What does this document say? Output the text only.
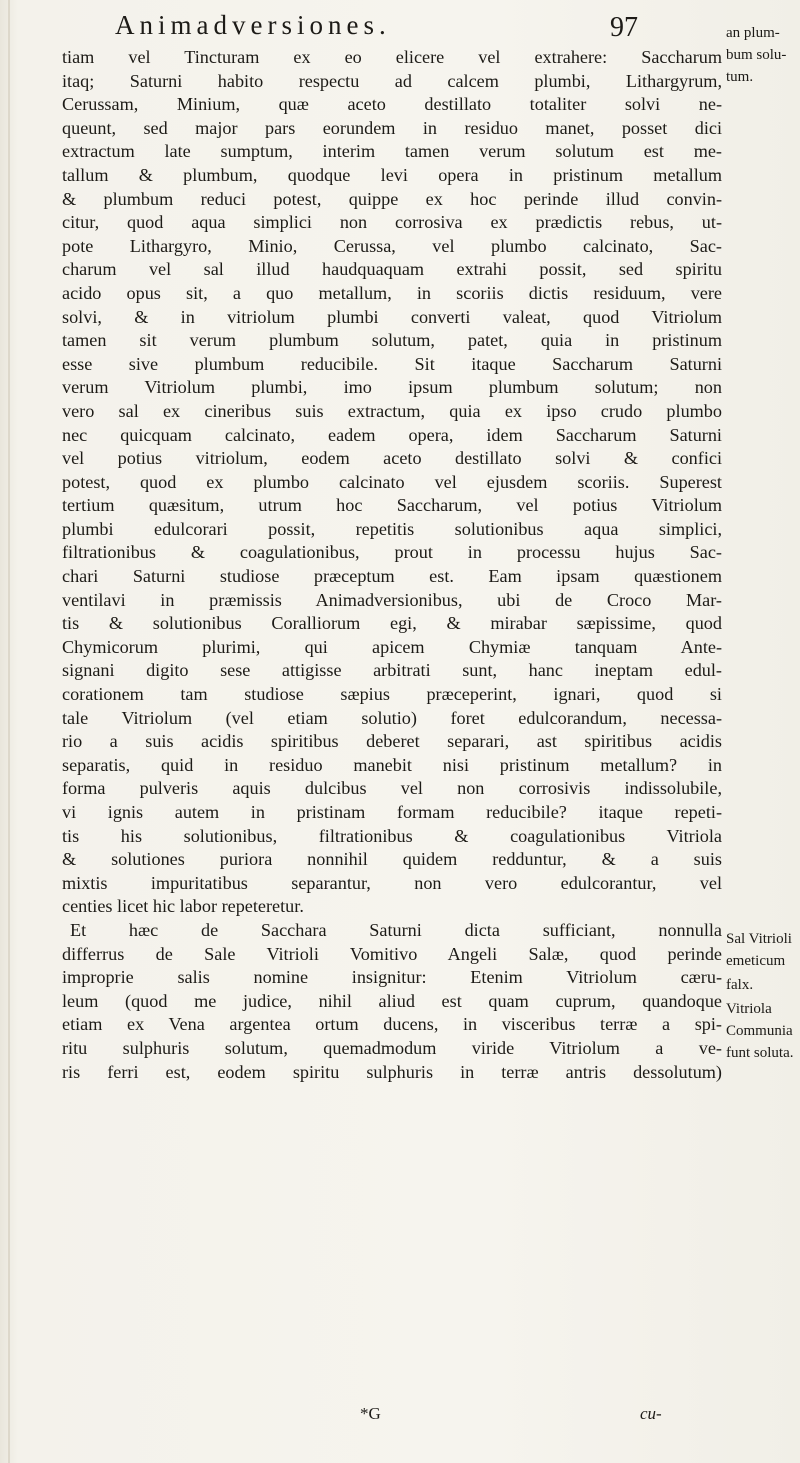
Animadversiones.	97
tiam vel Tincturam ex eo elicere vel extrahere: Saccharum
itaq; Saturni habito respectu ad calcem plumbi, Lithargyrum,
Cerussam, Minium, quæ aceto destillato totaliter solvi ne-
queunt, sed major pars eorundem in residuo manet, posset dici
extractum late sumptum, interim tamen verum solutum est me-
tallum & plumbum, quodque levi opera in pristinum metallum
& plumbum reduci potest, quippe ex hoc perinde illud convin-
citur, quod aqua simplici non corrosiva ex prædictis rebus, ut-
pote Lithargyro, Minio, Cerussa, vel plumbo calcinato, Sac-
charum vel sal illud haudquaquam extrahi possit, sed spiritu
acido opus sit, a quo metallum, in scoriis dictis residuum, vere
solvi, & in vitriolum plumbi converti valeat, quod Vitriolum
tamen sit verum plumbum solutum, patet, quia in pristinum
esse sive plumbum reducibile. Sit itaque Saccharum Saturni
verum Vitriolum plumbi, imo ipsum plumbum solutum; non
vero sal ex cineribus suis extractum, quia ex ipso crudo plumbo
nec quicquam calcinato, eadem opera, idem Saccharum Saturni
vel potius vitriolum, eodem aceto destillato solvi & confici
potest, quod ex plumbo calcinato vel ejusdem scoriis. Superest
tertium quæsitum, utrum hoc Saccharum, vel potius Vitriolum
plumbi edulcorari possit, repetitis solutionibus aqua simplici,
filtrationibus & coagulationibus, prout in processu hujus Sac-
chari Saturni studiose præceptum est. Eam ipsam quæstionem
ventilavi in præmissis Animadversionibus, ubi de Croco Mar-
tis & solutionibus Coralliorum egi, & mirabar sæpissime, quod
Chymicorum plurimi, qui apicem Chymiæ tanquam Ante-
signani digito sese attigisse arbitrati sunt, hanc ineptam edul-
corationem tam studiose sæpius præceperint, ignari, quod si
tale Vitriolum (vel etiam solutio) foret edulcorandum, necessa-
rio a suis acidis spiritibus deberet separari, ast spiritibus acidis
separatis, quid in residuo manebit nisi pristinum metallum? in
forma pulveris aquis dulcibus vel non corrosivis indissolubile,
vi ignis autem in pristinam formam reducibile? itaque repeti-
tis his solutionibus, filtrationibus & coagulationibus Vitriola
& solutiones puriora nonnihil quidem redduntur, & a suis
mixtis impuritatibus separantur, non vero edulcorantur, vel
centies licet hic labor repeteretur.
Et hæc de Sacchara Saturni dicta sufficiant, nonnulla
differrus de Sale Vitrioli Vomitivo Angeli Salæ, quod perinde
improprie salis nomine insignitur: Etenim Vitriolum cæru-
leum (quod me judice, nihil aliud est quam cuprum, quandoque
etiam ex Vena argentea ortum ducens, in visceribus terræ a spi-
ritu sulphuris solutum, quemadmodum viride Vitriolum a ve-
ris ferri est, eodem spiritu sulphuris in terræ antris dessolutum)
an plum-
bum solu-
tum.
Sal Vitrioli
emeticum
falx.
Vitriola
Communia
funt soluta.
*G	cu-
